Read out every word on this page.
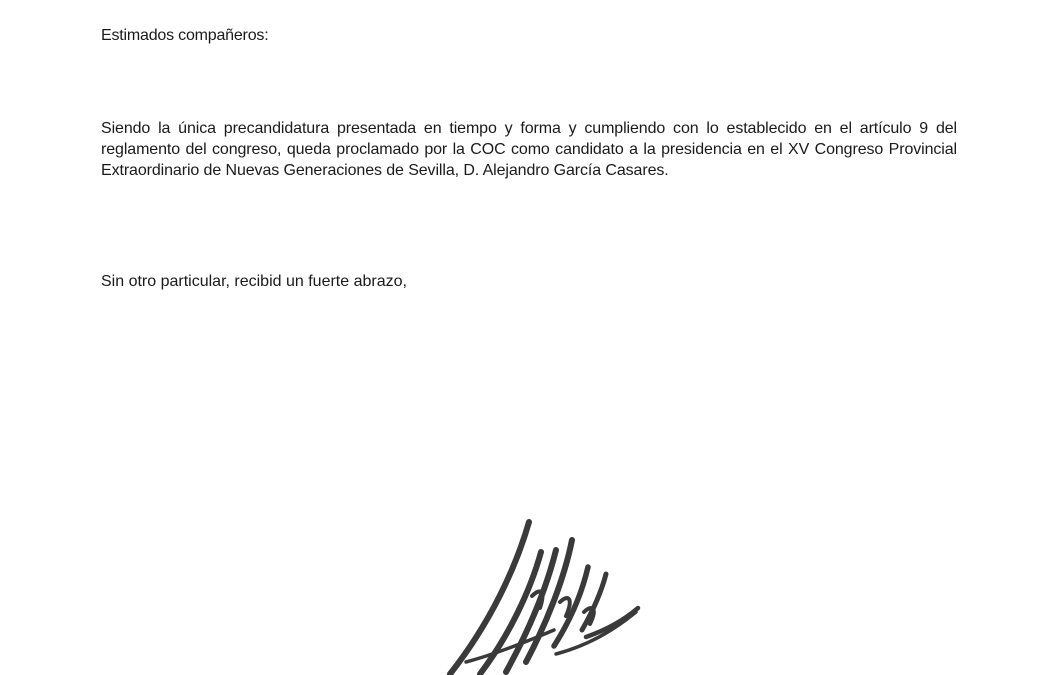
Estimados compañeros:
Siendo la única precandidatura presentada en tiempo y forma y cumpliendo con lo establecido en el artículo 9 del reglamento del congreso, queda proclamado por la COC como candidato a la presidencia en el XV Congreso Provincial Extraordinario de Nuevas Generaciones de Sevilla, D. Alejandro García Casares.
Sin otro particular, recibid un fuerte abrazo,
